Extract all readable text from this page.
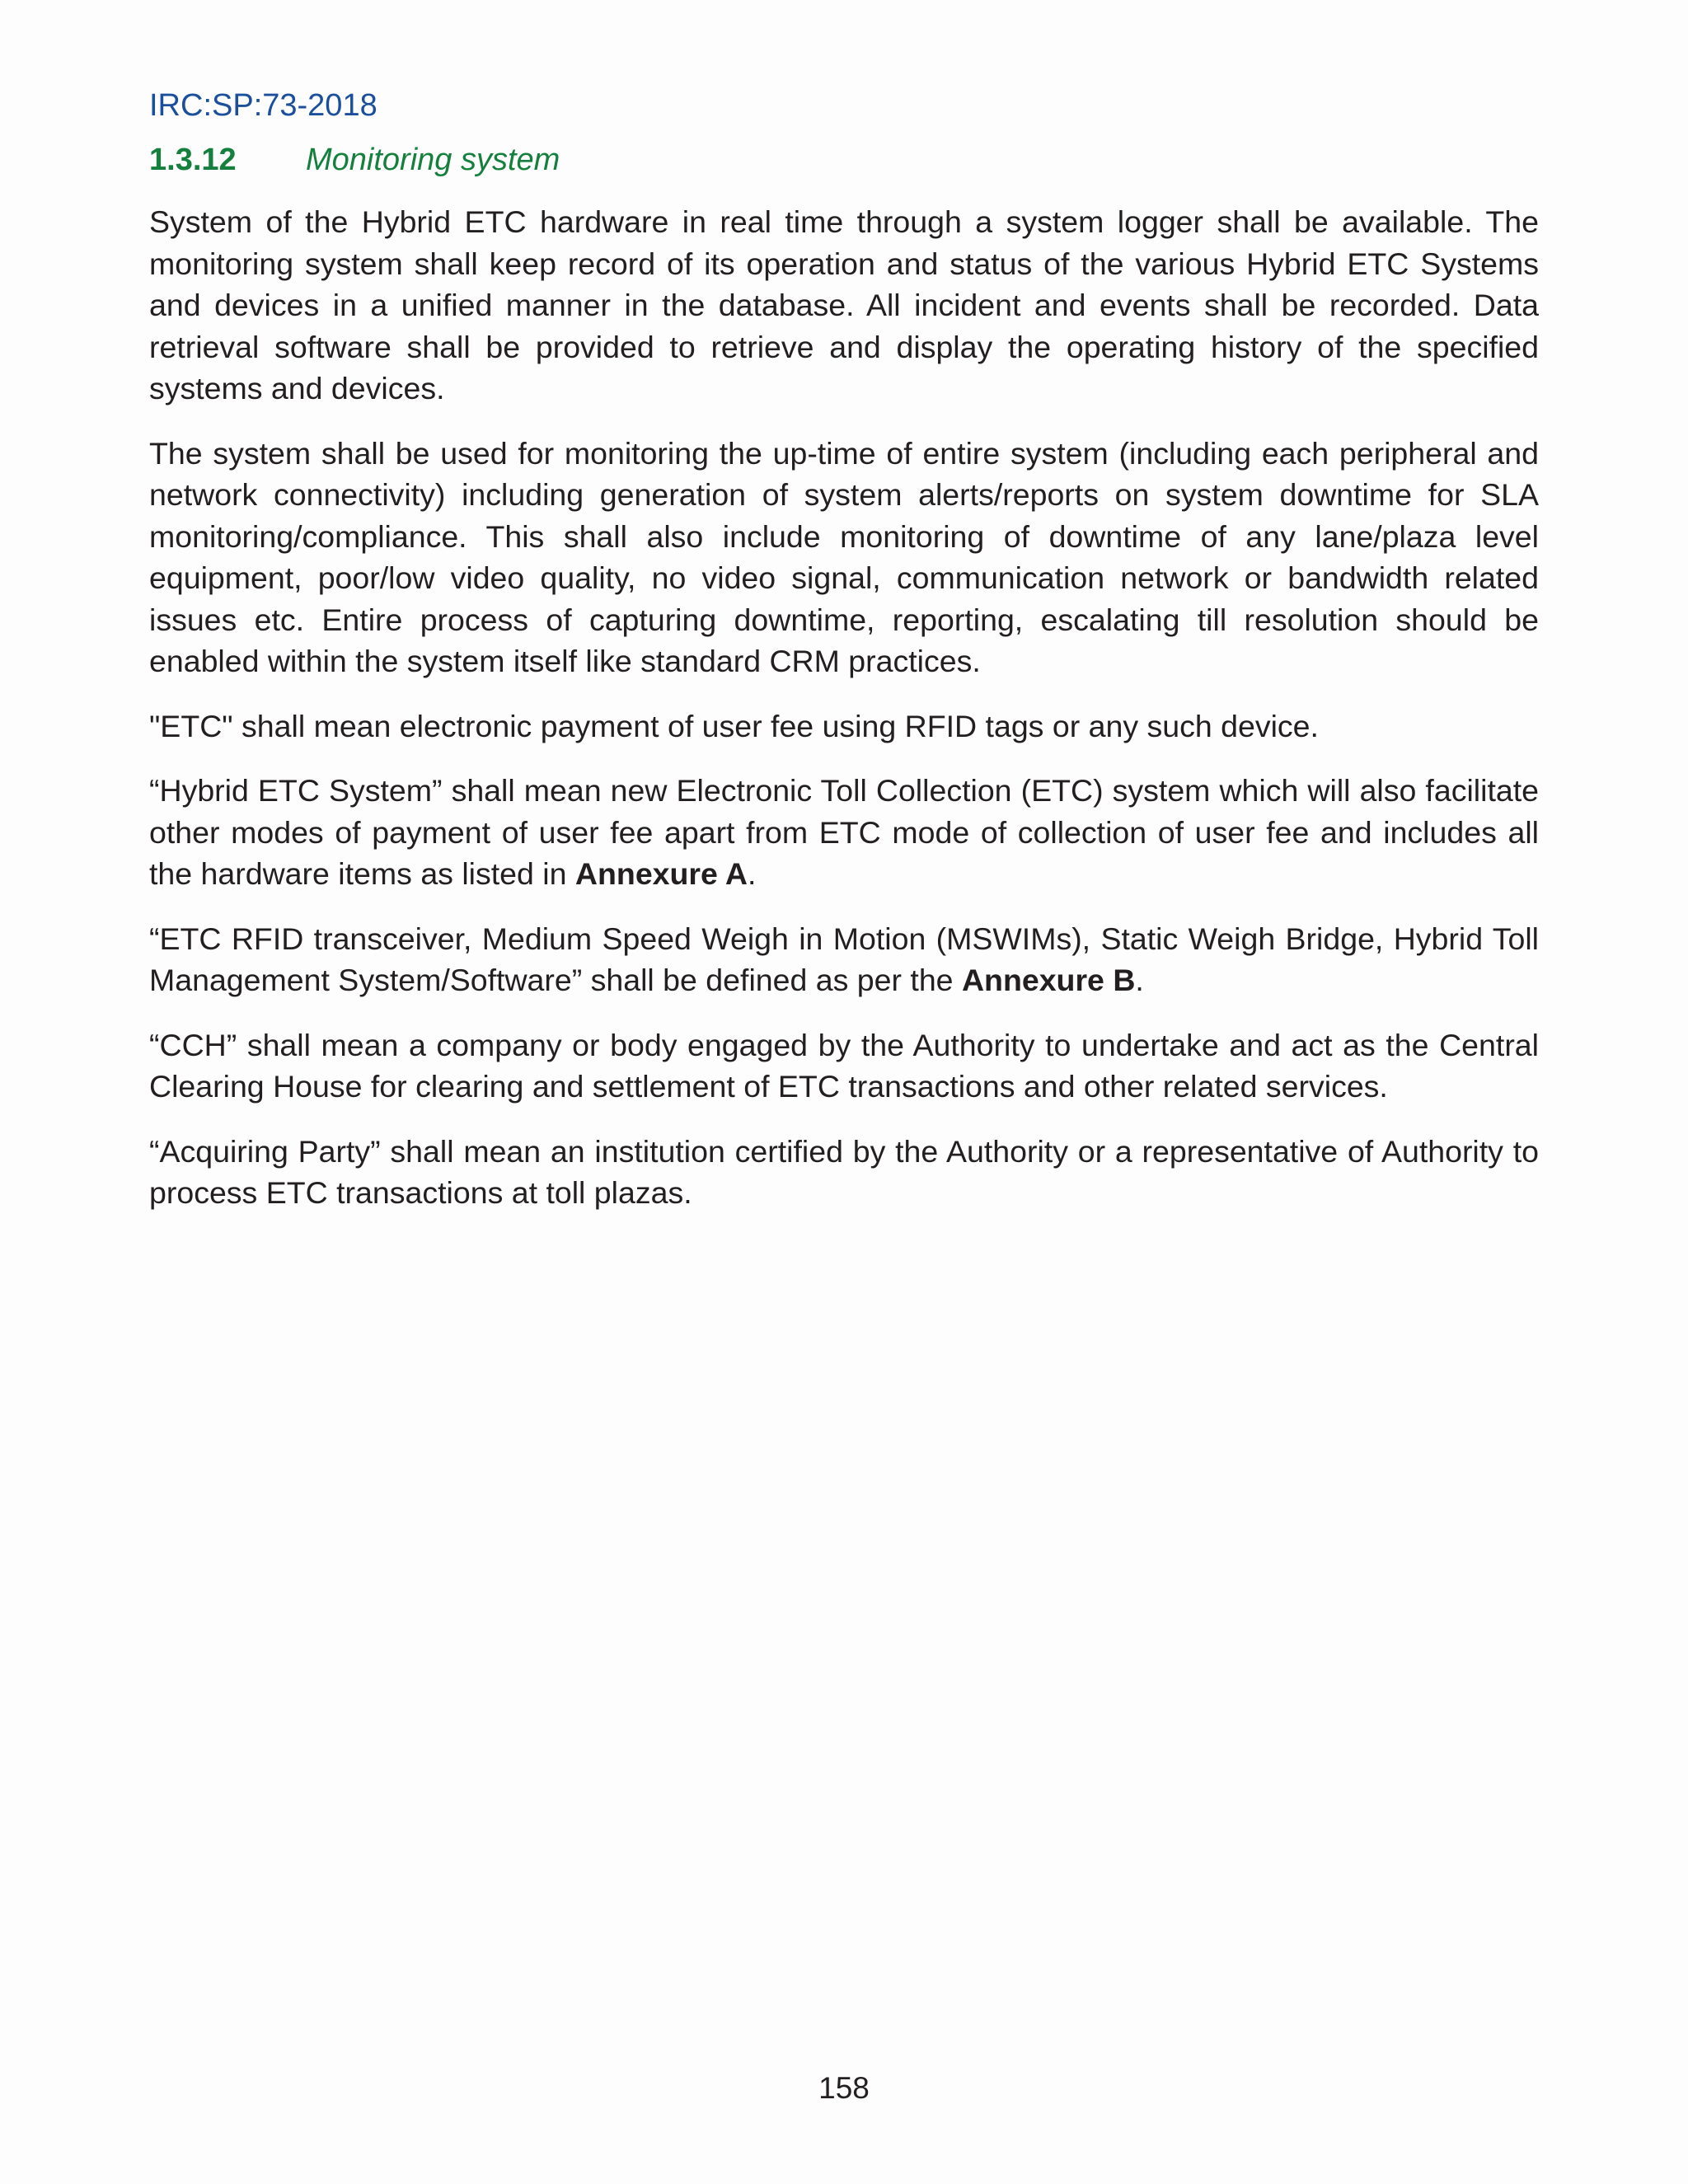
IRC:SP:73-2018
1.3.12	Monitoring system

System of the Hybrid ETC hardware in real time through a system logger shall be available. The monitoring system shall keep record of its operation and status of the various Hybrid ETC Systems and devices in a unified manner in the database. All incident and events shall be recorded. Data retrieval software shall be provided to retrieve and display the operating history of the specified systems and devices.

The system shall be used for monitoring the up-time of entire system (including each peripheral and network connectivity) including generation of system alerts/reports on system downtime for SLA monitoring/compliance. This shall also include monitoring of downtime of any lane/plaza level equipment, poor/low video quality, no video signal, communication network or bandwidth related issues etc. Entire process of capturing downtime, reporting, escalating till resolution should be enabled within the system itself like standard CRM practices.

"ETC" shall mean electronic payment of user fee using RFID tags or any such device.

“Hybrid ETC System” shall mean new Electronic Toll Collection (ETC) system which will also facilitate other modes of payment of user fee apart from ETC mode of collection of user fee and includes all the hardware items as listed in Annexure A.

“ETC RFID transceiver, Medium Speed Weigh in Motion (MSWIMs), Static Weigh Bridge, Hybrid Toll Management System/Software” shall be defined as per the Annexure B.

“CCH” shall mean a company or body engaged by the Authority to undertake and act as the Central Clearing House for clearing and settlement of ETC transactions and other related services.

“Acquiring Party” shall mean an institution certified by the Authority or a representative of Authority to process ETC transactions at toll plazas.

158
